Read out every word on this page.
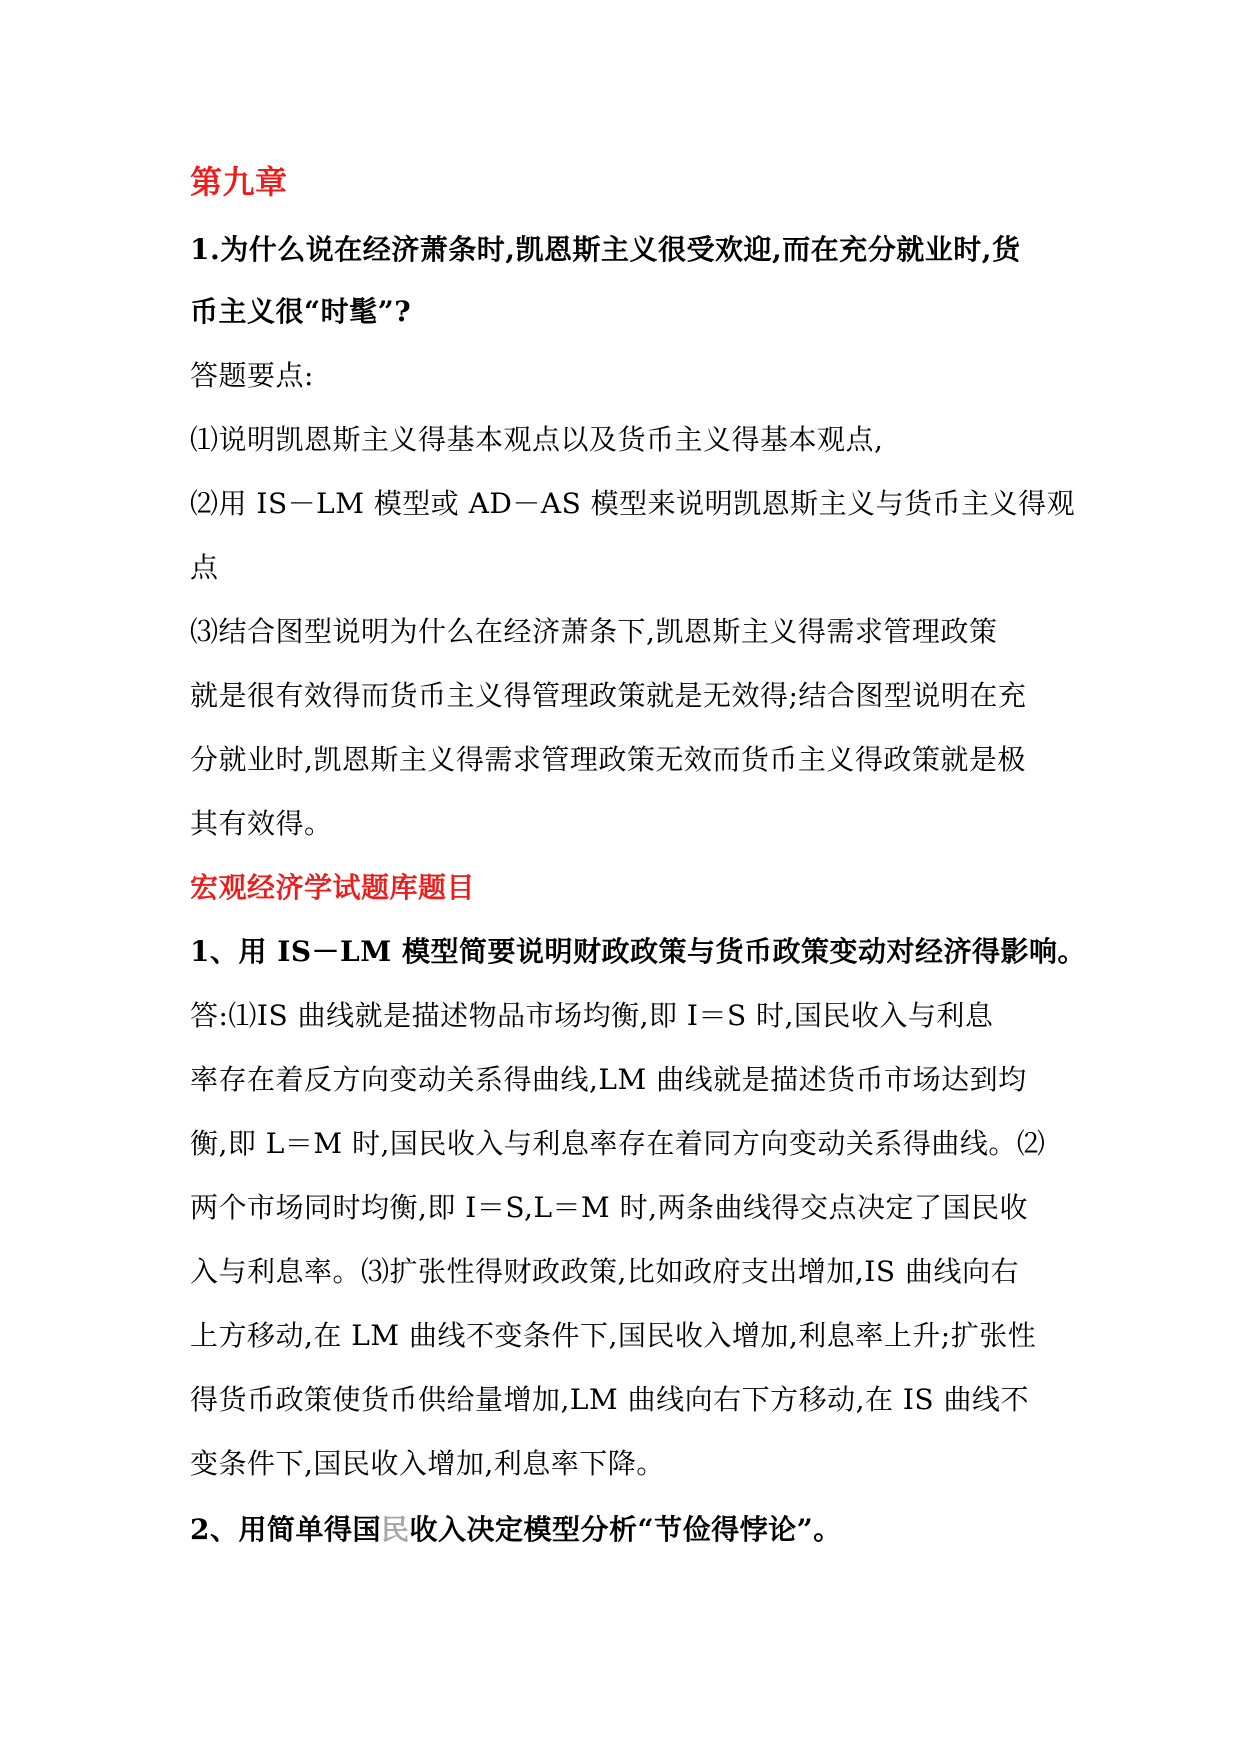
第九章
1.为什么说在经济萧条时,凯恩斯主义很受欢迎,而在充分就业时,货
币主义很“时髦”?
答题要点:
⑴说明凯恩斯主义得基本观点以及货币主义得基本观点,
⑵用 IS－LM 模型或 AD－AS 模型来说明凯恩斯主义与货币主义得观
点
⑶结合图型说明为什么在经济萧条下,凯恩斯主义得需求管理政策
就是很有效得而货币主义得管理政策就是无效得;结合图型说明在充
分就业时,凯恩斯主义得需求管理政策无效而货币主义得政策就是极
其有效得。
宏观经济学试题库题目
1、用 IS－LM 模型简要说明财政政策与货币政策变动对经济得影响。
答:⑴IS 曲线就是描述物品市场均衡,即 I＝S 时,国民收入与利息
率存在着反方向变动关系得曲线,LM 曲线就是描述货币市场达到均
衡,即 L＝M 时,国民收入与利息率存在着同方向变动关系得曲线。⑵
两个市场同时均衡,即 I＝S,L＝M 时,两条曲线得交点决定了国民收
入与利息率。⑶扩张性得财政政策,比如政府支出增加,IS 曲线向右
上方移动,在 LM 曲线不变条件下,国民收入增加,利息率上升;扩张性
得货币政策使货币供给量增加,LM 曲线向右下方移动,在 IS 曲线不
变条件下,国民收入增加,利息率下降。
2、用简单得国民收入决定模型分析“节俭得悖论”。
